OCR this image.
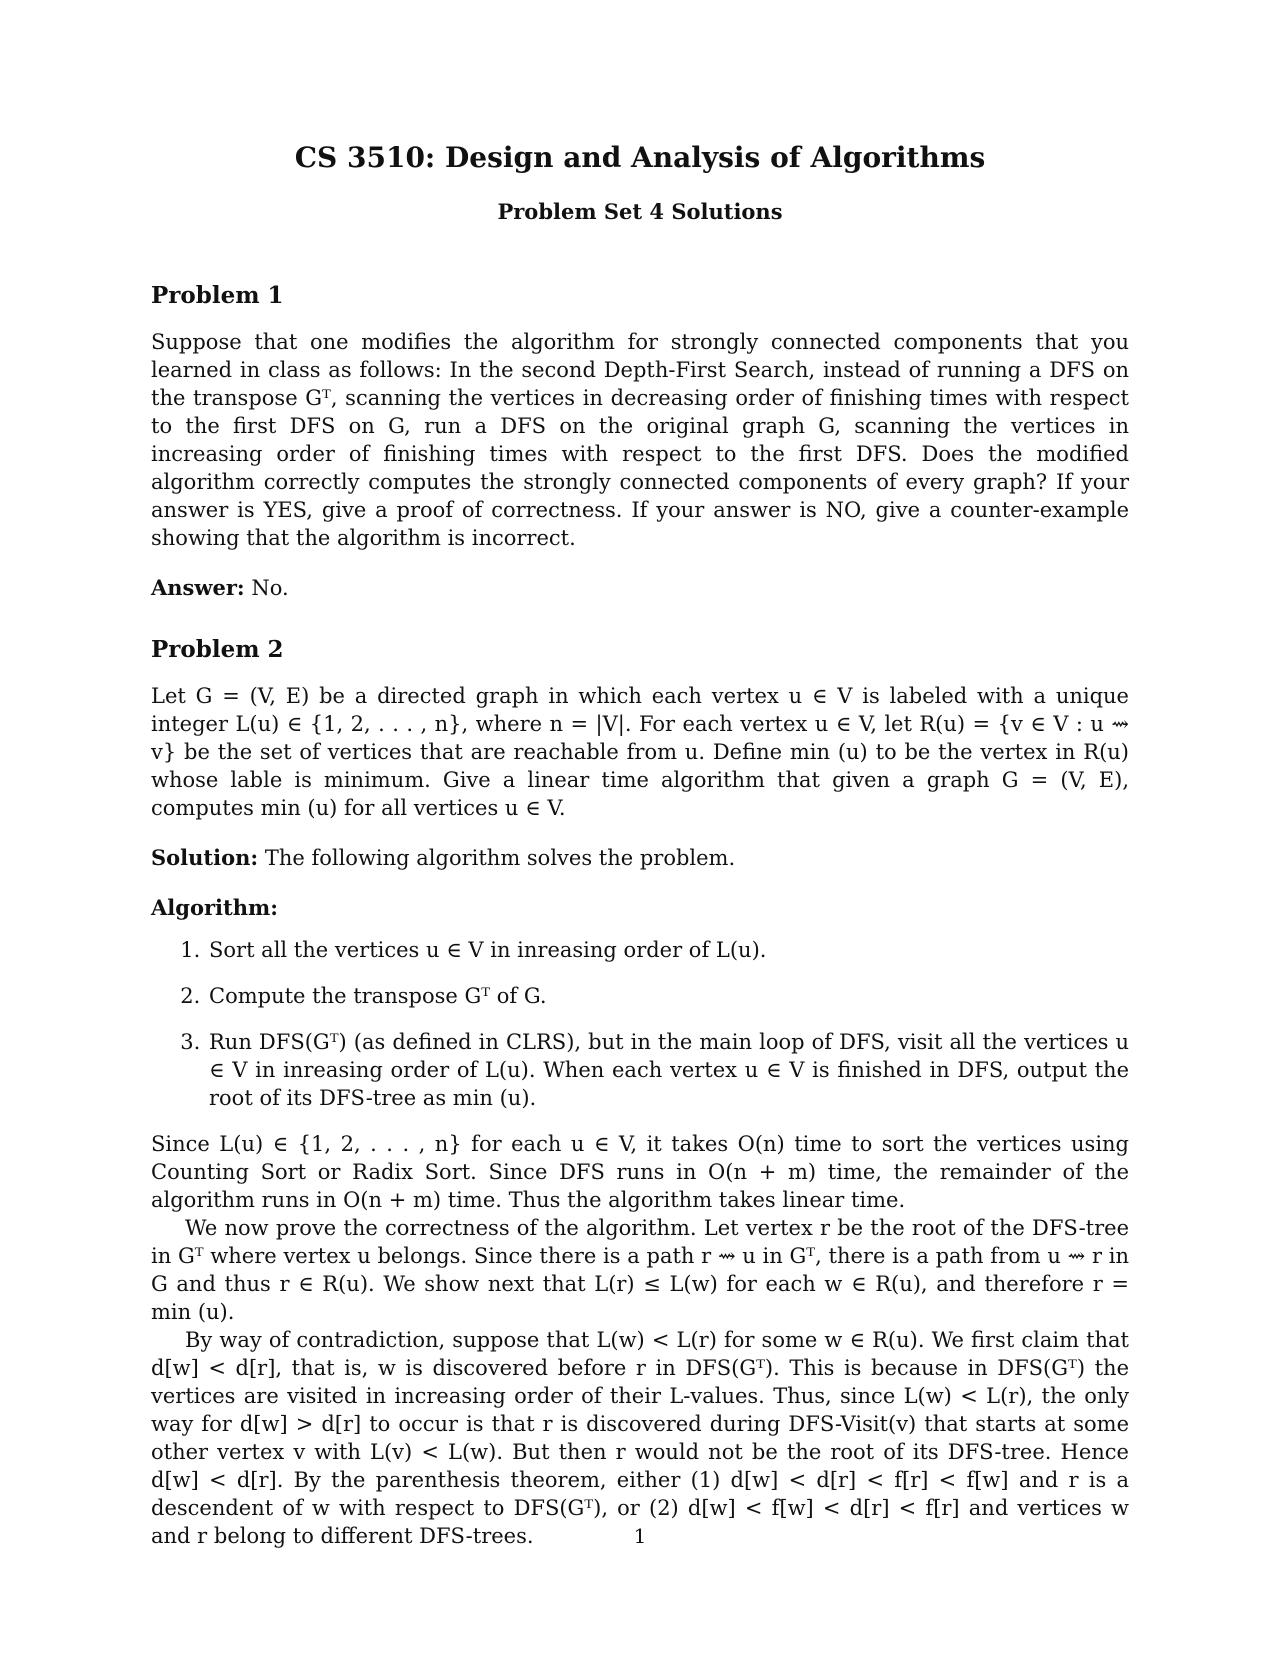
CS 3510: Design and Analysis of Algorithms
Problem Set 4 Solutions
Problem 1

Suppose that one modifies the algorithm for strongly connected components that you learned in class as follows: In the second Depth-First Search, instead of running a DFS on the transpose Gᵀ, scanning the vertices in decreasing order of finishing times with respect to the first DFS on G, run a DFS on the original graph G, scanning the vertices in increasing order of finishing times with respect to the first DFS. Does the modified algorithm correctly computes the strongly connected components of every graph? If your answer is YES, give a proof of correctness. If your answer is NO, give a counter-example showing that the algorithm is incorrect.

Answer: No.

Problem 2

Let G = (V, E) be a directed graph in which each vertex u ∈ V is labeled with a unique integer L(u) ∈ {1, 2, . . . , n}, where n = |V|. For each vertex u ∈ V, let R(u) = {v ∈ V : u ⇝ v} be the set of vertices that are reachable from u. Define min (u) to be the vertex in R(u) whose lable is minimum. Give a linear time algorithm that given a graph G = (V, E), computes min (u) for all vertices u ∈ V.

Solution: The following algorithm solves the problem.

Algorithm:

1. Sort all the vertices u ∈ V in inreasing order of L(u).
2. Compute the transpose Gᵀ of G.
3. Run DFS(Gᵀ) (as defined in CLRS), but in the main loop of DFS, visit all the vertices u ∈ V in inreasing order of L(u). When each vertex u ∈ V is finished in DFS, output the root of its DFS-tree as min (u).

Since L(u) ∈ {1, 2, . . . , n} for each u ∈ V, it takes O(n) time to sort the vertices using Counting Sort or Radix Sort. Since DFS runs in O(n + m) time, the remainder of the algorithm runs in O(n + m) time. Thus the algorithm takes linear time.

We now prove the correctness of the algorithm. Let vertex r be the root of the DFS-tree in Gᵀ where vertex u belongs. Since there is a path r ⇝ u in Gᵀ, there is a path from u ⇝ r in G and thus r ∈ R(u). We show next that L(r) ≤ L(w) for each w ∈ R(u), and therefore r = min (u).

By way of contradiction, suppose that L(w) < L(r) for some w ∈ R(u). We first claim that d[w] < d[r], that is, w is discovered before r in DFS(Gᵀ). This is because in DFS(Gᵀ) the vertices are visited in increasing order of their L-values. Thus, since L(w) < L(r), the only way for d[w] > d[r] to occur is that r is discovered during DFS-Visit(v) that starts at some other vertex v with L(v) < L(w). But then r would not be the root of its DFS-tree. Hence d[w] < d[r]. By the parenthesis theorem, either (1) d[w] < d[r] < f[r] < f[w] and r is a descendent of w with respect to DFS(Gᵀ), or (2) d[w] < f[w] < d[r] < f[r] and vertices w and r belong to different DFS-trees.	1
